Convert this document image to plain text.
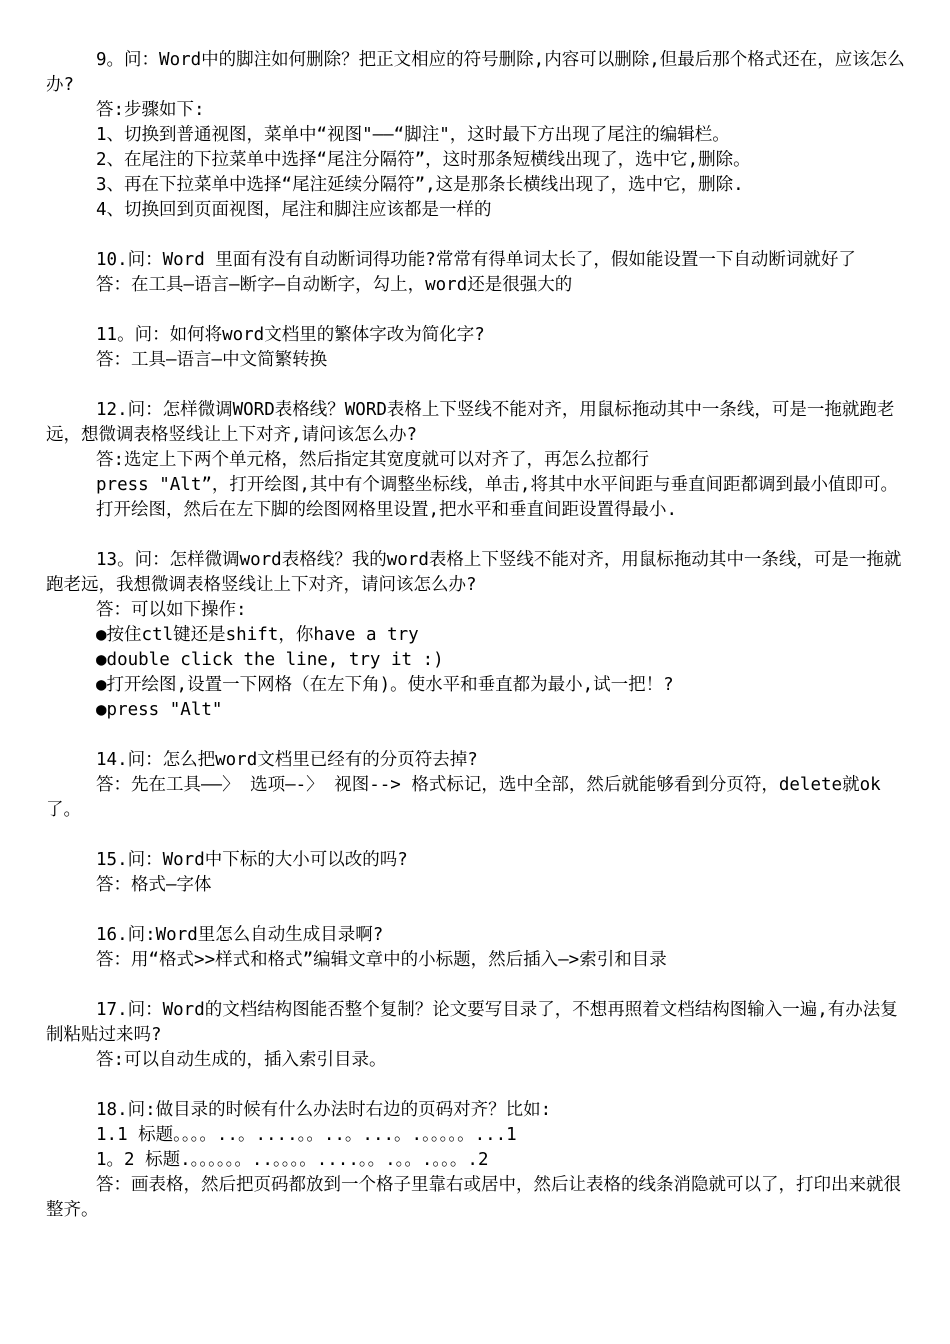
9。问：Word中的脚注如何删除？把正文相应的符号删除,内容可以删除,但最后那个格式还在，应该怎么办?
答:步骤如下:
1、切换到普通视图，菜单中“视图"——“脚注"，这时最下方出现了尾注的编辑栏。
2、在尾注的下拉菜单中选择“尾注分隔符”，这时那条短横线出现了，选中它,删除。
3、再在下拉菜单中选择“尾注延续分隔符”,这是那条长横线出现了，选中它，删除.
4、切换回到页面视图，尾注和脚注应该都是一样的
10.问：Word 里面有没有自动断词得功能?常常有得单词太长了，假如能设置一下自动断词就好了
答：在工具—语言—断字—自动断字，勾上，word还是很强大的
11。问：如何将word文档里的繁体字改为简化字?
答：工具—语言—中文简繁转换
12.问：怎样微调WORD表格线？WORD表格上下竖线不能对齐，用鼠标拖动其中一条线，可是一拖就跑老远，想微调表格竖线让上下对齐,请问该怎么办?
答:选定上下两个单元格，然后指定其宽度就可以对齐了，再怎么拉都行
press "Alt”，打开绘图,其中有个调整坐标线，单击,将其中水平间距与垂直间距都调到最小值即可。
打开绘图，然后在左下脚的绘图网格里设置,把水平和垂直间距设置得最小.
13。问：怎样微调word表格线？我的word表格上下竖线不能对齐，用鼠标拖动其中一条线，可是一拖就跑老远，我想微调表格竖线让上下对齐，请问该怎么办?
答：可以如下操作:
●按住ctl键还是shift，你have a try
●double click the line, try it :)
●打开绘图,设置一下网格（在左下角)。使水平和垂直都为最小,试一把！?
●press "Alt"
14.问：怎么把word文档里已经有的分页符去掉?
答：先在工具——〉 选项—-〉 视图--> 格式标记，选中全部，然后就能够看到分页符，delete就ok了。
15.问：Word中下标的大小可以改的吗?
答：格式—字体
16.问:Word里怎么自动生成目录啊?
答：用“格式>>样式和格式”编辑文章中的小标题，然后插入—>索引和目录
17.问：Word的文档结构图能否整个复制？论文要写目录了，不想再照着文档结构图输入一遍,有办法复制粘贴过来吗?
答:可以自动生成的，插入索引目录。
18.问:做目录的时候有什么办法时右边的页码对齐？比如:
1.1 标题。。。。..。....。。..。...。.。。。。。...1
1。2 标题.。。。。。。..。。。。....。。.。。.。。。.2
答：画表格，然后把页码都放到一个格子里靠右或居中，然后让表格的线条消隐就可以了，打印出来就很整齐。
